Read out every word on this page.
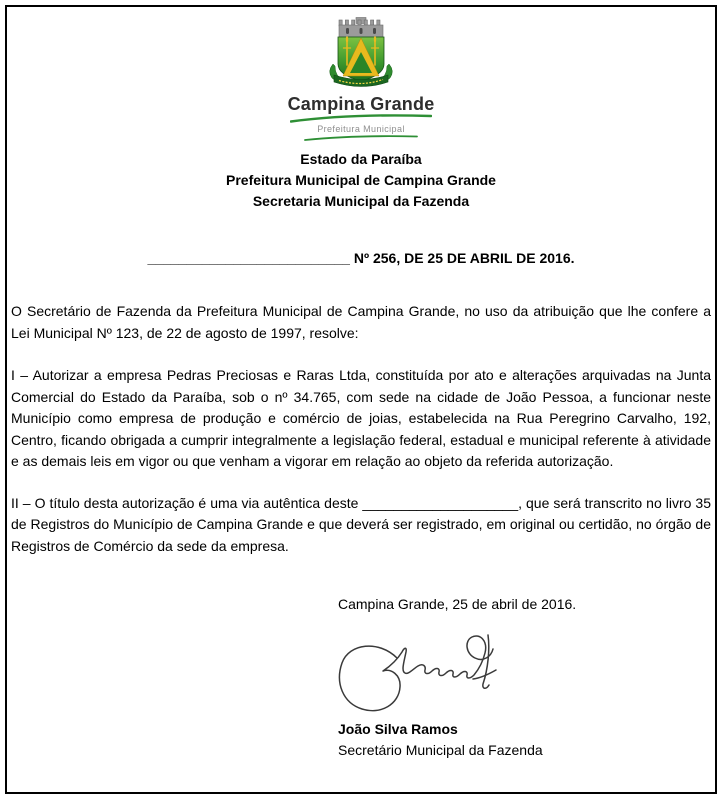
Campina Grande
Prefeitura Municipal
Estado da Paraíba
Prefeitura Municipal de Campina Grande
Secretaria Municipal da Fazenda
__________________________ Nº 256, DE 25 DE ABRIL DE 2016.

O Secretário de Fazenda da Prefeitura Municipal de Campina Grande, no uso da atribuição que lhe confere a Lei Municipal Nº 123, de 22 de agosto de 1997, resolve:

I – Autorizar a empresa Pedras Preciosas e Raras Ltda, constituída por ato e alterações arquivadas na Junta Comercial do Estado da Paraíba, sob o nº 34.765, com sede na cidade de João Pessoa, a funcionar neste Município como empresa de produção e comércio de joias, estabelecida na Rua Peregrino Carvalho, 192, Centro, ficando obrigada a cumprir integralmente a legislação federal, estadual e municipal referente à atividade e as demais leis em vigor ou que venham a vigorar em relação ao objeto da referida autorização.

II – O título desta autorização é uma via autêntica deste ____________________, que será transcrito no livro 35 de Registros do Município de Campina Grande e que deverá ser registrado, em original ou certidão, no órgão de Registros de Comércio da sede da empresa.

Campina Grande, 25 de abril de 2016.
João Silva Ramos
Secretário Municipal da Fazenda
